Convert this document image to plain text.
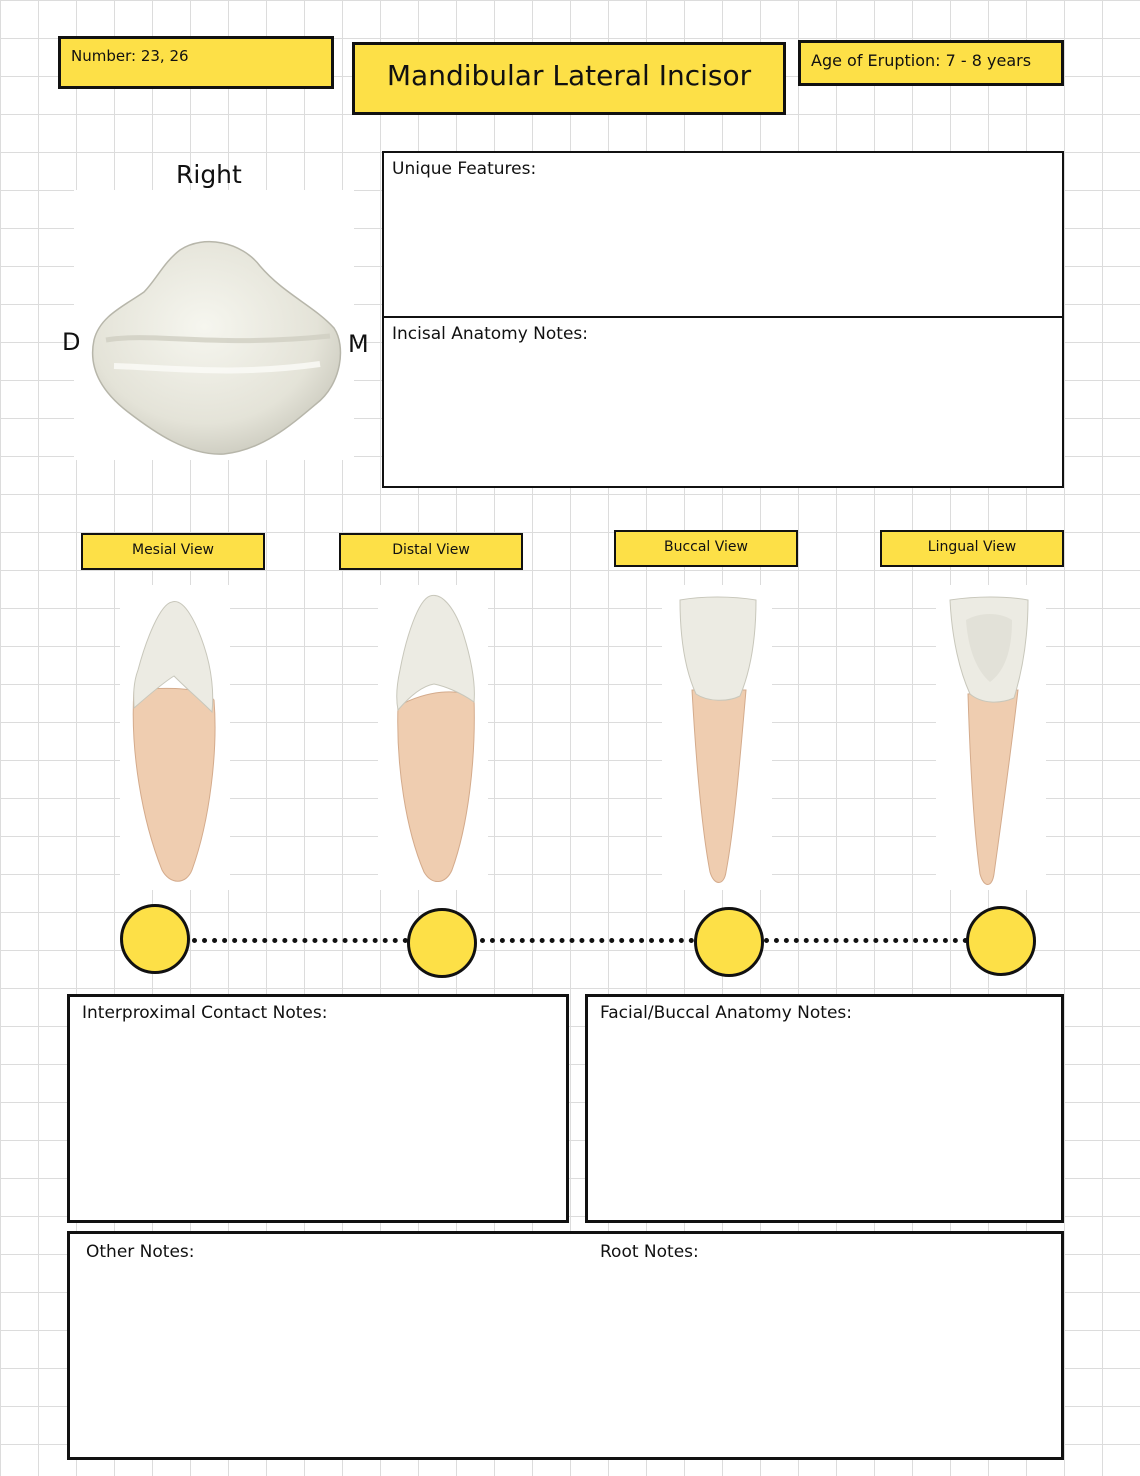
Number: 23, 26
Mandibular Lateral Incisor	Age of Eruption: 7 - 8 years
Right
D	M
Unique Features:
Incisal Anatomy Notes:
Mesial View	Distal View	Buccal View	Lingual View
Interproximal Contact Notes:	Facial/Buccal Anatomy Notes:
Other Notes:	Root Notes:
